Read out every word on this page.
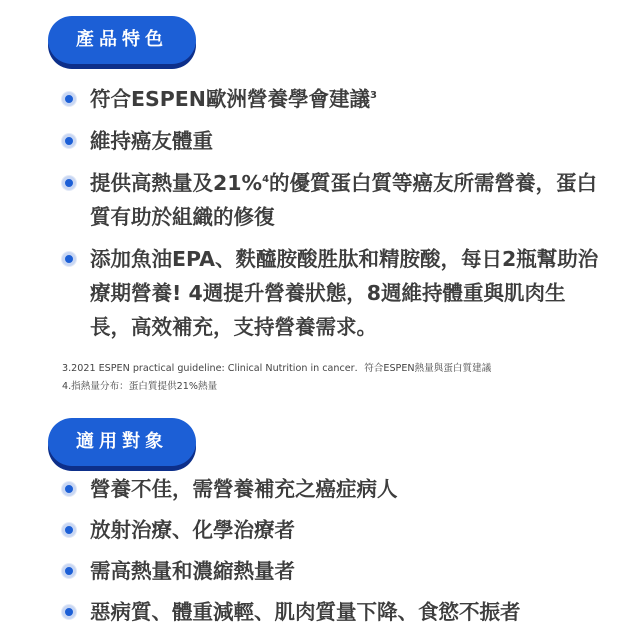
產品特色
符合ESPEN歐洲營養學會建議$^3$
維持癌友體重
提供高熱量及21%$^4$的優質蛋白質等癌友所需營養，蛋白質有助於組織的修復
添加魚油EPA、麩醯胺酸胜肽和精胺酸，每日2瓶幫助治療期營養! 4週提升營養狀態，8週維持體重與肌肉生長，高效補充，支持營養需求。
3.2021 ESPEN practical guideline: Clinical Nutrition in cancer．符合ESPEN熱量與蛋白質建議
4.指熱量分布：蛋白質提供21%熱量
適用對象
營養不佳，需營養補充之癌症病人
放射治療、化學治療者
需高熱量和濃縮熱量者
惡病質、體重減輕、肌肉質量下降、食慾不振者
